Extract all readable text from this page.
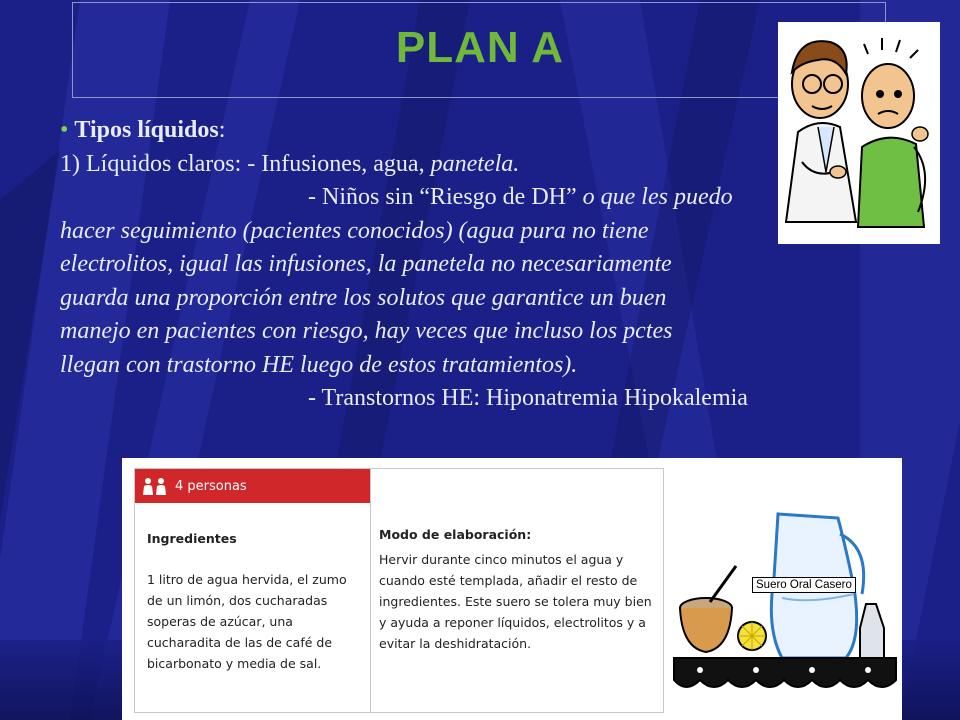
PLAN A
• Tipos líquidos:
1) Líquidos claros: - Infusiones, agua, panetela.
- Niños sin “Riesgo de DH” o que les puedo
hacer seguimiento (pacientes conocidos) (agua pura no tiene
electrolitos, igual las infusiones, la panetela no necesariamente
guarda una proporción entre los solutos que garantice un buen
manejo en pacientes con riesgo, hay veces que incluso los pctes
llegan con trastorno HE luego de estos tratamientos).
- Transtornos HE: Hiponatremia Hipokalemia
4 personas
Ingredientes
1 litro de agua hervida, el zumo de un limón, dos cucharadas soperas de azúcar, una cucharadita de las de café de bicarbonato y media de sal.
Modo de elaboración:
Hervir durante cinco minutos el agua y cuando esté templada, añadir el resto de ingredientes. Este suero se tolera muy bien y ayuda a reponer líquidos, electrolitos y a evitar la deshidratación.
Suero Oral Casero
